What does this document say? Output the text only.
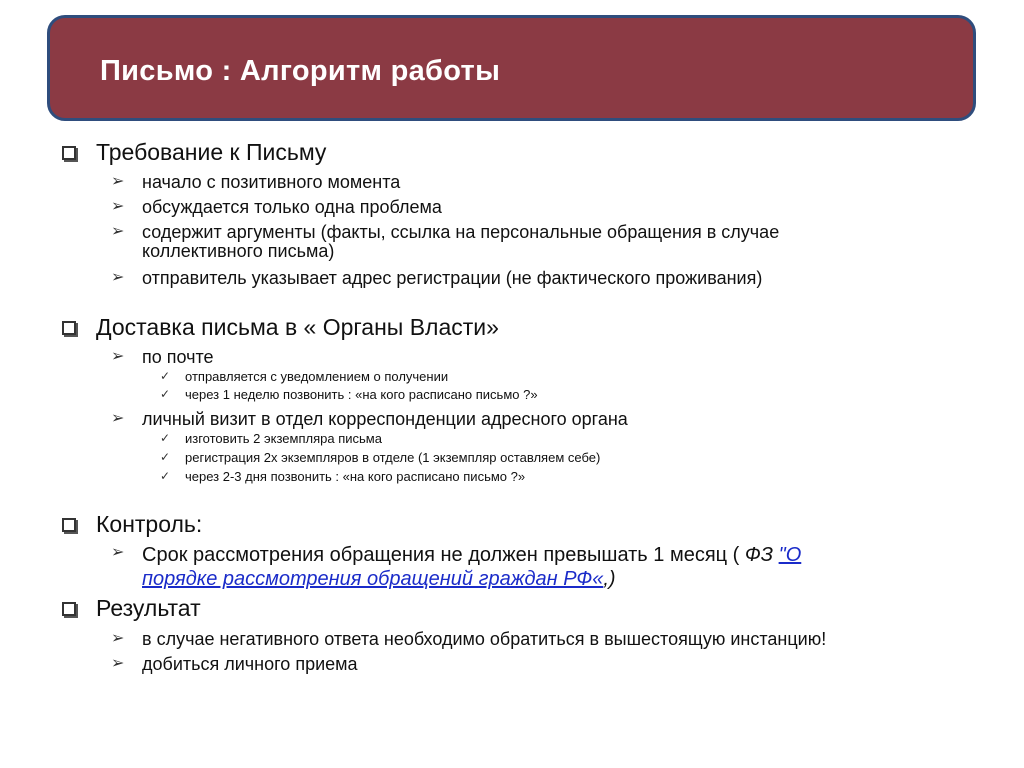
Письмо : Алгоритм работы
Требование к Письму
➢ начало с позитивного момента
➢ обсуждается только одна проблема
➢ содержит аргументы (факты, ссылка на персональные обращения в случае
коллективного письма)
➢ отправитель указывает адрес регистрации (не фактического проживания)
Доставка письма в « Органы Власти»
➢ по почте
✓ отправляется с уведомлением о получении
✓ через 1 неделю позвонить : «на кого расписано письмо ?»
➢ личный визит в отдел корреспонденции адресного органа
✓ изготовить 2 экземпляра письма
✓ регистрация 2х экземпляров в отделе (1 экземпляр оставляем себе)
✓ через 2-3 дня позвонить : «на кого расписано письмо ?»
Контроль:
➢ Срок рассмотрения обращения не должен превышать 1 месяц ( ФЗ "О
порядке рассмотрения обращений граждан РФ«,)
Результат
➢ в случае негативного ответа необходимо обратиться в вышестоящую инстанцию!
➢ добиться личного приема
